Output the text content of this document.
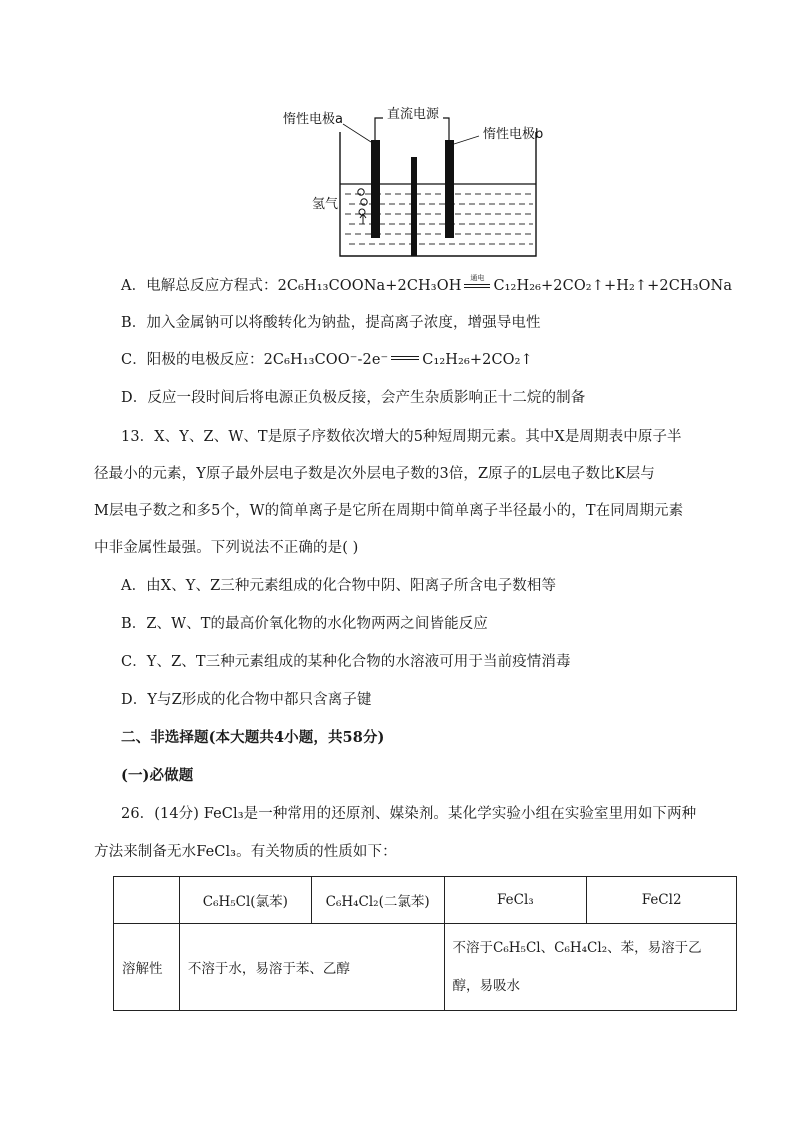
惰性电极a	直流电源
惰性电极b
氢气
A．电解总反应方程式：2C₆H₁₃COONa+2CH₃OH	通电 C₁₂H₂₆+2CO₂↑+H₂↑+2CH₃ONa
B．加入金属钠可以将酸转化为钠盐，提高离子浓度，增强导电性
C．阳极的电极反应：2C₆H₁₃COO⁻-2e⁻ C₁₂H₂₆+2CO₂↑
D．反应一段时间后将电源正负极反接，会产生杂质影响正十二烷的制备
13．X、Y、Z、W、T是原子序数依次增大的5种短周期元素。其中X是周期表中原子半
径最小的元素，Y原子最外层电子数是次外层电子数的3倍，Z原子的L层电子数比K层与
M层电子数之和多5个，W的简单离子是它所在周期中简单离子半径最小的，T在同周期元素
中非金属性最强。下列说法不正确的是( )
A．由X、Y、Z三种元素组成的化合物中阴、阳离子所含电子数相等
B．Z、W、T的最高价氧化物的水化物两两之间皆能反应
C．Y、Z、T三种元素组成的某种化合物的水溶液可用于当前疫情消毒
D．Y与Z形成的化合物中都只含离子键
二、非选择题(本大题共4小题，共58分)
(一)必做题
26．(14分) FeCl₃是一种常用的还原剂、媒染剂。某化学实验小组在实验室里用如下两种
方法来制备无水FeCl₃。有关物质的性质如下：
	C₆H₅Cl(氯苯)	C₆H₄Cl₂(二氯苯)	FeCl₃	FeCl2
溶解性	不溶于水，易溶于苯、乙醇		不溶于C₆H₅Cl、C₆H₄Cl₂、苯，易溶于乙
醇，易吸水	
